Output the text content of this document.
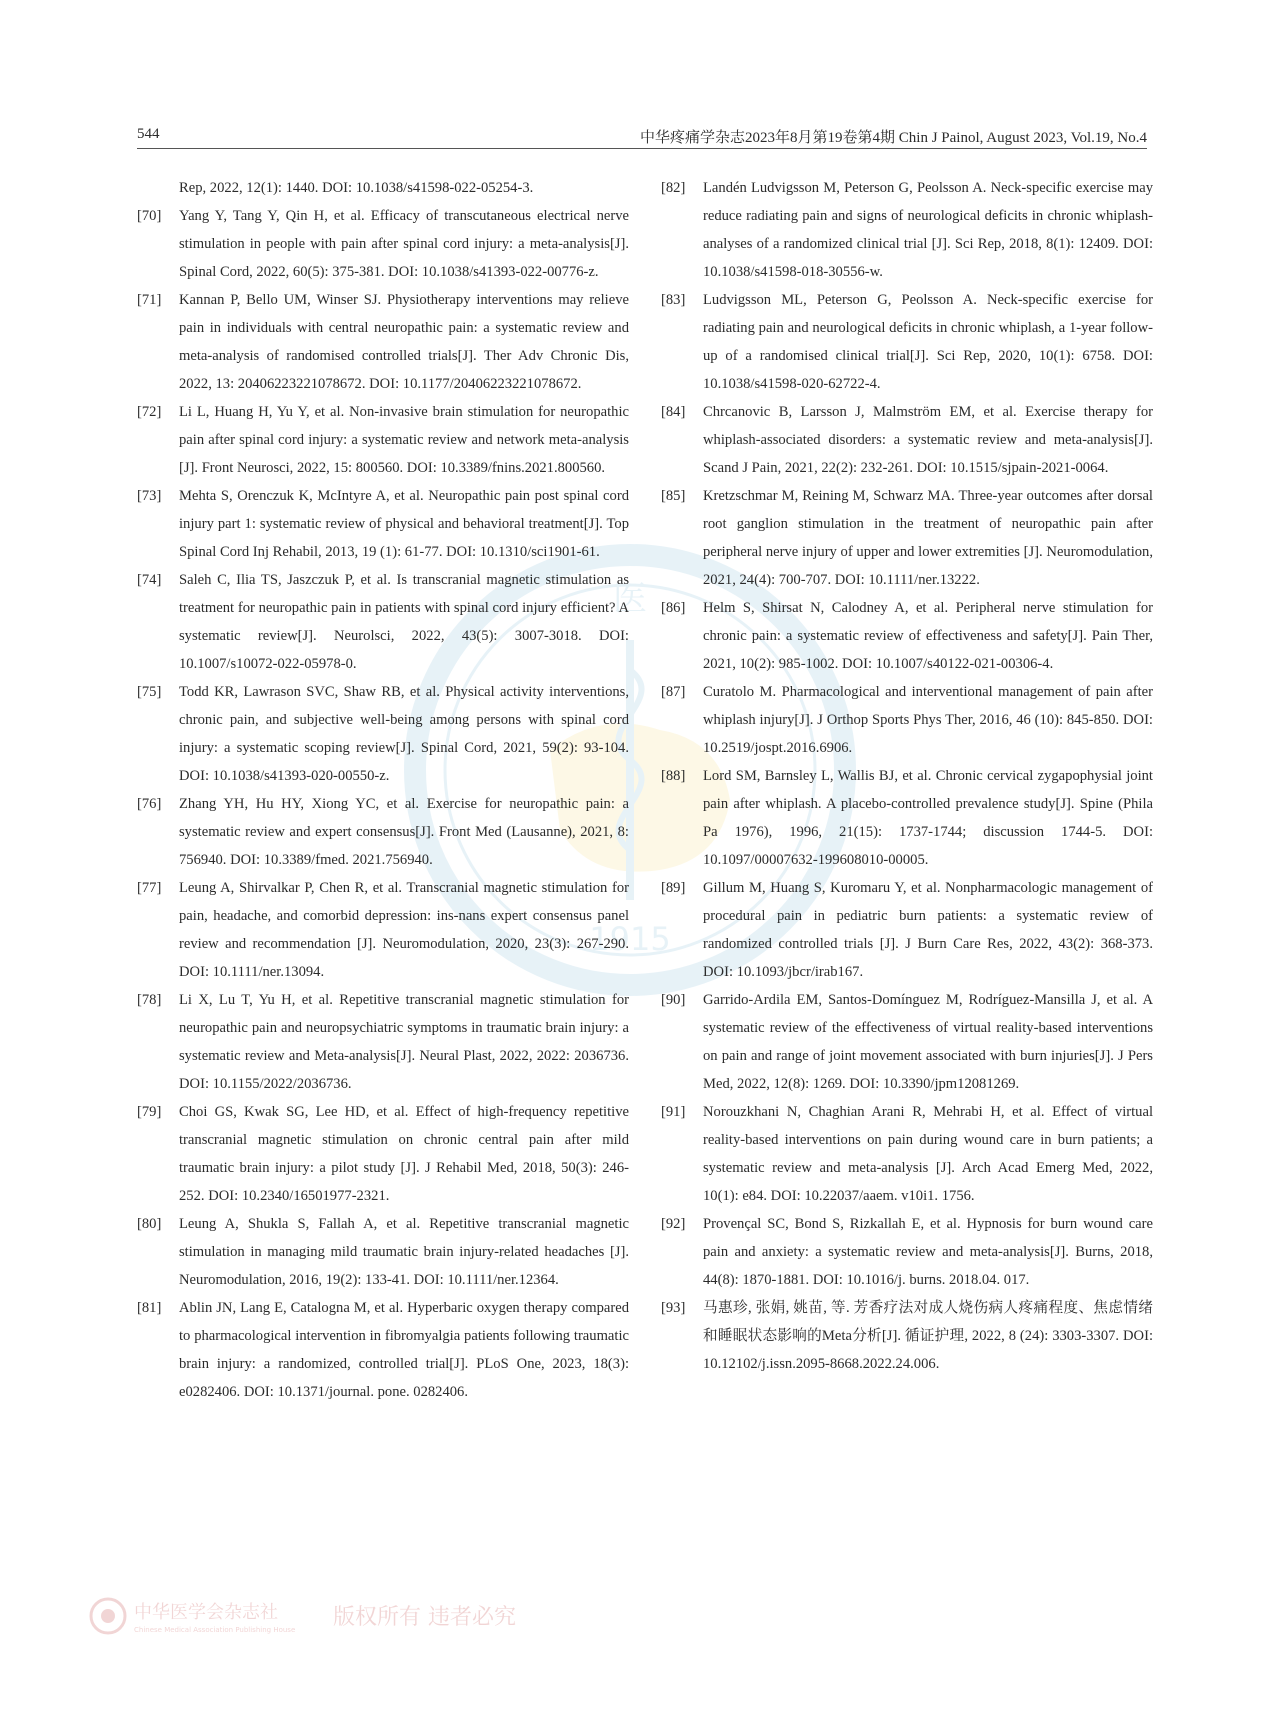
544	中华疼痛学杂志2023年8月第19卷第4期 Chin J Painol, August 2023, Vol.19, No.4
医
1915
Rep, 2022, 12(1): 1440. DOI: 10.1038/s41598-022-05254-3.
[70]	Yang Y, Tang Y, Qin H, et al. Efficacy of transcutaneous electrical nerve stimulation in people with pain after spinal cord injury: a meta-analysis[J]. Spinal Cord, 2022, 60(5): 375-381. DOI: 10.1038/s41393-022-00776-z.
[71]	Kannan P, Bello UM, Winser SJ. Physiotherapy interventions may relieve pain in individuals with central neuropathic pain: a systematic review and meta-analysis of randomised controlled trials[J]. Ther Adv Chronic Dis, 2022, 13: 20406223221078672. DOI: 10.1177/20406223221078672.
[72]	Li L, Huang H, Yu Y, et al. Non-invasive brain stimulation for neuropathic pain after spinal cord injury: a systematic review and network meta-analysis [J]. Front Neurosci, 2022, 15: 800560. DOI: 10.3389/fnins.2021.800560.
[73]	Mehta S, Orenczuk K, McIntyre A, et al. Neuropathic pain post spinal cord injury part 1: systematic review of physical and behavioral treatment[J]. Top Spinal Cord Inj Rehabil, 2013, 19 (1): 61-77. DOI: 10.1310/sci1901-61.
[74]	Saleh C, Ilia TS, Jaszczuk P, et al. Is transcranial magnetic stimulation as treatment for neuropathic pain in patients with spinal cord injury efficient? A systematic review[J]. Neurolsci, 2022, 43(5): 3007-3018. DOI: 10.1007/s10072-022-05978-0.
[75]	Todd KR, Lawrason SVC, Shaw RB, et al. Physical activity interventions, chronic pain, and subjective well-being among persons with spinal cord injury: a systematic scoping review[J]. Spinal Cord, 2021, 59(2): 93-104. DOI: 10.1038/s41393-020-00550-z.
[76]	Zhang YH, Hu HY, Xiong YC, et al. Exercise for neuropathic pain: a systematic review and expert consensus[J]. Front Med (Lausanne), 2021, 8: 756940. DOI: 10.3389/fmed. 2021.756940.
[77]	Leung A, Shirvalkar P, Chen R, et al. Transcranial magnetic stimulation for pain, headache, and comorbid depression: ins-nans expert consensus panel review and recommendation [J]. Neuromodulation, 2020, 23(3): 267-290. DOI: 10.1111/ner.13094.
[78]	Li X, Lu T, Yu H, et al. Repetitive transcranial magnetic stimulation for neuropathic pain and neuropsychiatric symptoms in traumatic brain injury: a systematic review and Meta-analysis[J]. Neural Plast, 2022, 2022: 2036736. DOI: 10.1155/2022/2036736.
[79]	Choi GS, Kwak SG, Lee HD, et al. Effect of high-frequency repetitive transcranial magnetic stimulation on chronic central pain after mild traumatic brain injury: a pilot study [J]. J Rehabil Med, 2018, 50(3): 246-252. DOI: 10.2340/16501977-2321.
[80]	Leung A, Shukla S, Fallah A, et al. Repetitive transcranial magnetic stimulation in managing mild traumatic brain injury-related headaches [J]. Neuromodulation, 2016, 19(2): 133-41. DOI: 10.1111/ner.12364.
[81]	Ablin JN, Lang E, Catalogna M, et al. Hyperbaric oxygen therapy compared to pharmacological intervention in fibromyalgia patients following traumatic brain injury: a randomized, controlled trial[J]. PLoS One, 2023, 18(3): e0282406. DOI: 10.1371/journal. pone. 0282406.
[82]	Landén Ludvigsson M, Peterson G, Peolsson A. Neck-specific exercise may reduce radiating pain and signs of neurological deficits in chronic whiplash-analyses of a randomized clinical trial [J]. Sci Rep, 2018, 8(1): 12409. DOI: 10.1038/s41598-018-30556-w.
[83]	Ludvigsson ML, Peterson G, Peolsson A. Neck-specific exercise for radiating pain and neurological deficits in chronic whiplash, a 1-year follow-up of a randomised clinical trial[J]. Sci Rep, 2020, 10(1): 6758. DOI: 10.1038/s41598-020-62722-4.
[84]	Chrcanovic B, Larsson J, Malmström EM, et al. Exercise therapy for whiplash-associated disorders: a systematic review and meta-analysis[J]. Scand J Pain, 2021, 22(2): 232-261. DOI: 10.1515/sjpain-2021-0064.
[85]	Kretzschmar M, Reining M, Schwarz MA. Three-year outcomes after dorsal root ganglion stimulation in the treatment of neuropathic pain after peripheral nerve injury of upper and lower extremities [J]. Neuromodulation, 2021, 24(4): 700-707. DOI: 10.1111/ner.13222.
[86]	Helm S, Shirsat N, Calodney A, et al. Peripheral nerve stimulation for chronic pain: a systematic review of effectiveness and safety[J]. Pain Ther, 2021, 10(2): 985-1002. DOI: 10.1007/s40122-021-00306-4.
[87]	Curatolo M. Pharmacological and interventional management of pain after whiplash injury[J]. J Orthop Sports Phys Ther, 2016, 46 (10): 845-850. DOI: 10.2519/jospt.2016.6906.
[88]	Lord SM, Barnsley L, Wallis BJ, et al. Chronic cervical zygapophysial joint pain after whiplash. A placebo-controlled prevalence study[J]. Spine (Phila Pa 1976), 1996, 21(15): 1737-1744; discussion 1744-5. DOI: 10.1097/00007632-199608010-00005.
[89]	Gillum M, Huang S, Kuromaru Y, et al. Nonpharmacologic management of procedural pain in pediatric burn patients: a systematic review of randomized controlled trials [J]. J Burn Care Res, 2022, 43(2): 368-373. DOI: 10.1093/jbcr/irab167.
[90]	Garrido-Ardila EM, Santos-Domínguez M, Rodríguez-Mansilla J, et al. A systematic review of the effectiveness of virtual reality-based interventions on pain and range of joint movement associated with burn injuries[J]. J Pers Med, 2022, 12(8): 1269. DOI: 10.3390/jpm12081269.
[91]	Norouzkhani N, Chaghian Arani R, Mehrabi H, et al. Effect of virtual reality-based interventions on pain during wound care in burn patients; a systematic review and meta-analysis [J]. Arch Acad Emerg Med, 2022, 10(1): e84. DOI: 10.22037/aaem. v10i1. 1756.
[92]	Provençal SC, Bond S, Rizkallah E, et al. Hypnosis for burn wound care pain and anxiety: a systematic review and meta-analysis[J]. Burns, 2018, 44(8): 1870-1881. DOI: 10.1016/j. burns. 2018.04. 017.
[93]	马惠珍, 张娟, 姚苗, 等. 芳香疗法对成人烧伤病人疼痛程度、焦虑情绪和睡眠状态影响的Meta分析[J]. 循证护理, 2022, 8 (24): 3303-3307. DOI: 10.12102/j.issn.2095-8668.2022.24.006.
中华医学会杂志社
Chinese Medical Association Publishing House 版权所有 违者必究
